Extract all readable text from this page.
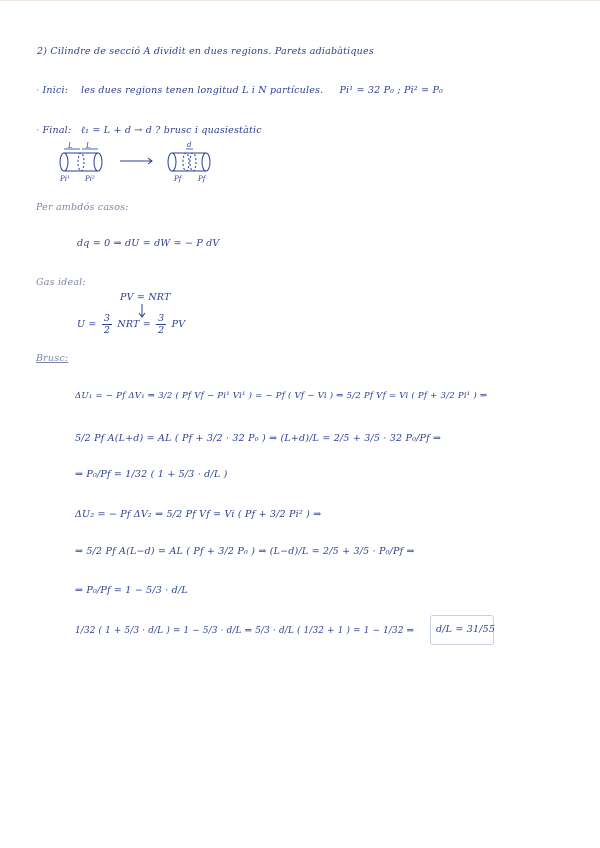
2) Cilindre de secció A dividit en dues regions. Parets adiabàtiques
· Inici: les dues regions tenen longitud L i N partícules. Pi¹ = 32 P₀ ; Pi² = P₀
· Final: ℓ₁ = L + d → d ? brusc i quasiestàtic
L L
Pi¹ Pi²
d
Pf Pf
Per ambdós casos:
dq = 0 ⇒ dU = dW = − P dV
Gas ideal:
PV = NRT
$U = \frac{3}{2}$ NRT = $\frac{3}{2}$ PV
Brusc:
ΔU₁ = − Pf ΔV₁ ⇒ 3/2 ( Pf Vf − Pi¹ Vi¹ ) = − Pf ( Vf − Vi ) ⇒ 5/2 Pf Vf = Vi ( Pf + 3/2 Pi¹ ) ⇒
5/2 Pf A(L+d) = AL ( Pf + 3/2 · 32 P₀ ) ⇒ (L+d)/L = 2/5 + 3/5 · 32 P₀/Pf ⇒
⇒ P₀/Pf = 1/32 ( 1 + 5/3 · d/L )
ΔU₂ = − Pf ΔV₂ ⇒ 5/2 Pf Vf = Vi ( Pf + 3/2 Pi² ) ⇒
⇒ 5/2 Pf A(L−d) = AL ( Pf + 3/2 P₀ ) ⇒ (L−d)/L = 2/5 + 3/5 · P₀/Pf ⇒
⇒ P₀/Pf = 1 − 5/3 · d/L
1/32 ( 1 + 5/3 · d/L ) = 1 − 5/3 · d/L ⇒ 5/3 · d/L ( 1/32 + 1 ) = 1 − 1/32 ⇒ d/L = 31/55
